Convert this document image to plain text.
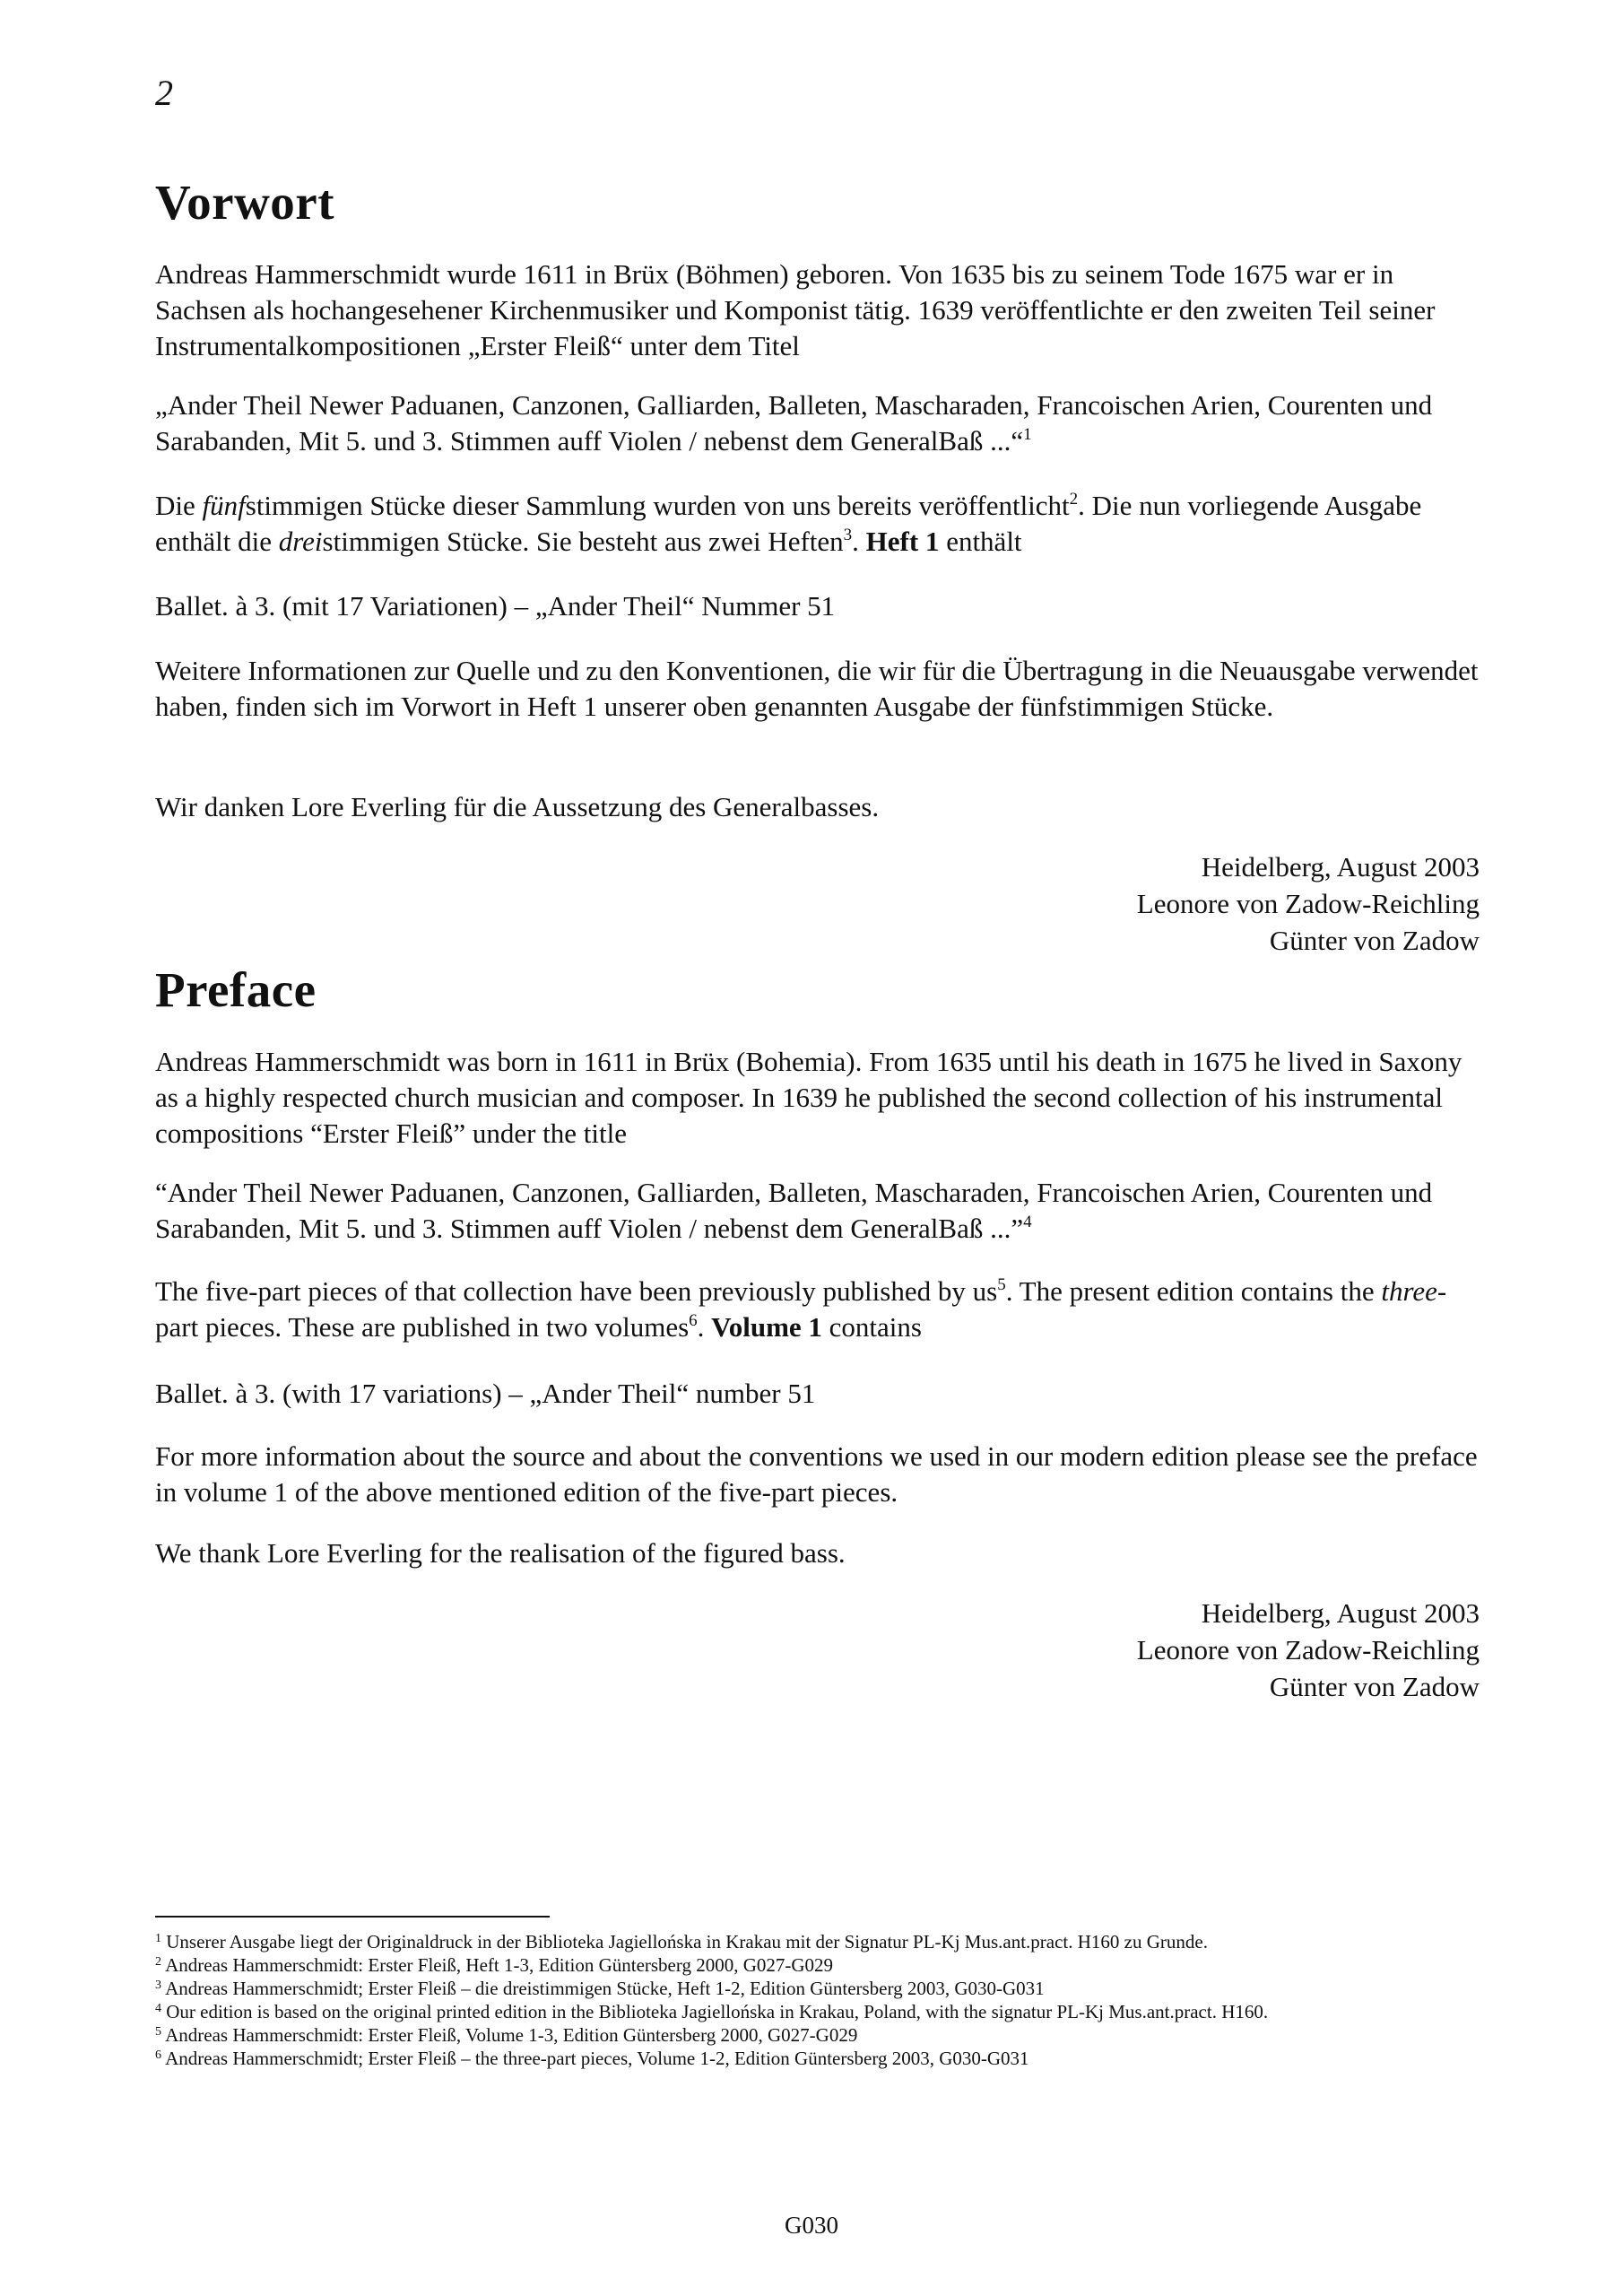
2
Vorwort

Andreas Hammerschmidt wurde 1611 in Brüx (Böhmen) geboren. Von 1635 bis zu seinem Tode 1675 war er in Sachsen als hochangesehener Kirchenmusiker und Komponist tätig. 1639 veröffentlichte er den zweiten Teil seiner Instrumentalkompositionen „Erster Fleiß“ unter dem Titel

„Ander Theil Newer Paduanen, Canzonen, Galliarden, Balleten, Mascharaden, Francoischen Arien, Courenten und Sarabanden, Mit 5. und 3. Stimmen auff Violen / nebenst dem GeneralBaß ...“$^1$

Die fünfstimmigen Stücke dieser Sammlung wurden von uns bereits veröffentlicht$^2$. Die nun vorliegende Ausgabe enthält die dreistimmigen Stücke. Sie besteht aus zwei Heften$^3$. Heft 1 enthält

Ballet. à 3. (mit 17 Variationen) – „Ander Theil“ Nummer 51

Weitere Informationen zur Quelle und zu den Konventionen, die wir für die Übertragung in die Neuausgabe verwendet haben, finden sich im Vorwort in Heft 1 unserer oben genannten Ausgabe der fünfstimmigen Stücke.

Wir danken Lore Everling für die Aussetzung des Generalbasses.

Heidelberg, August 2003
Leonore von Zadow-Reichling
Günter von Zadow
Preface

Andreas Hammerschmidt was born in 1611 in Brüx (Bohemia). From 1635 until his death in 1675 he lived in Saxony as a highly respected church musician and composer. In 1639 he published the second collection of his instrumental compositions “Erster Fleiß” under the title

“Ander Theil Newer Paduanen, Canzonen, Galliarden, Balleten, Mascharaden, Francoischen Arien, Courenten und Sarabanden, Mit 5. und 3. Stimmen auff Violen / nebenst dem GeneralBaß ...”$^4$

The five-part pieces of that collection have been previously published by $us^5$. The present edition contains the three-part pieces. These are published in two volumes$^6$. Volume 1 contains

Ballet. à 3. (with 17 variations) – „Ander Theil“ number 51

For more information about the source and about the conventions we used in our modern edition please see the preface in volume 1 of the above mentioned edition of the five-part pieces.

We thank Lore Everling for the realisation of the figured bass.

Heidelberg, August 2003
Leonore von Zadow-Reichling
Günter von Zadow
$^1$ Unserer Ausgabe liegt der Originaldruck in der Biblioteka Jagiellońska in Krakau mit der Signatur PL-Kj Mus.ant.pract. H160 zu Grunde.
$^2$ Andreas Hammerschmidt: Erster Fleiß, Heft 1-3, Edition Güntersberg 2000, G027-G029
$^3$ Andreas Hammerschmidt; Erster Fleiß – die dreistimmigen Stücke, Heft 1-2, Edition Güntersberg 2003, G030-G031
$^4$ Our edition is based on the original printed edition in the Biblioteka Jagiellońska in Krakau, Poland, with the signatur PL-Kj Mus.ant.pract. H160.
$^5$ Andreas Hammerschmidt: Erster Fleiß, Volume 1-3, Edition Güntersberg 2000, G027-G029
$^6$ Andreas Hammerschmidt; Erster Fleiß – the three-part pieces, Volume 1-2, Edition Güntersberg 2003, G030-G031
G030
